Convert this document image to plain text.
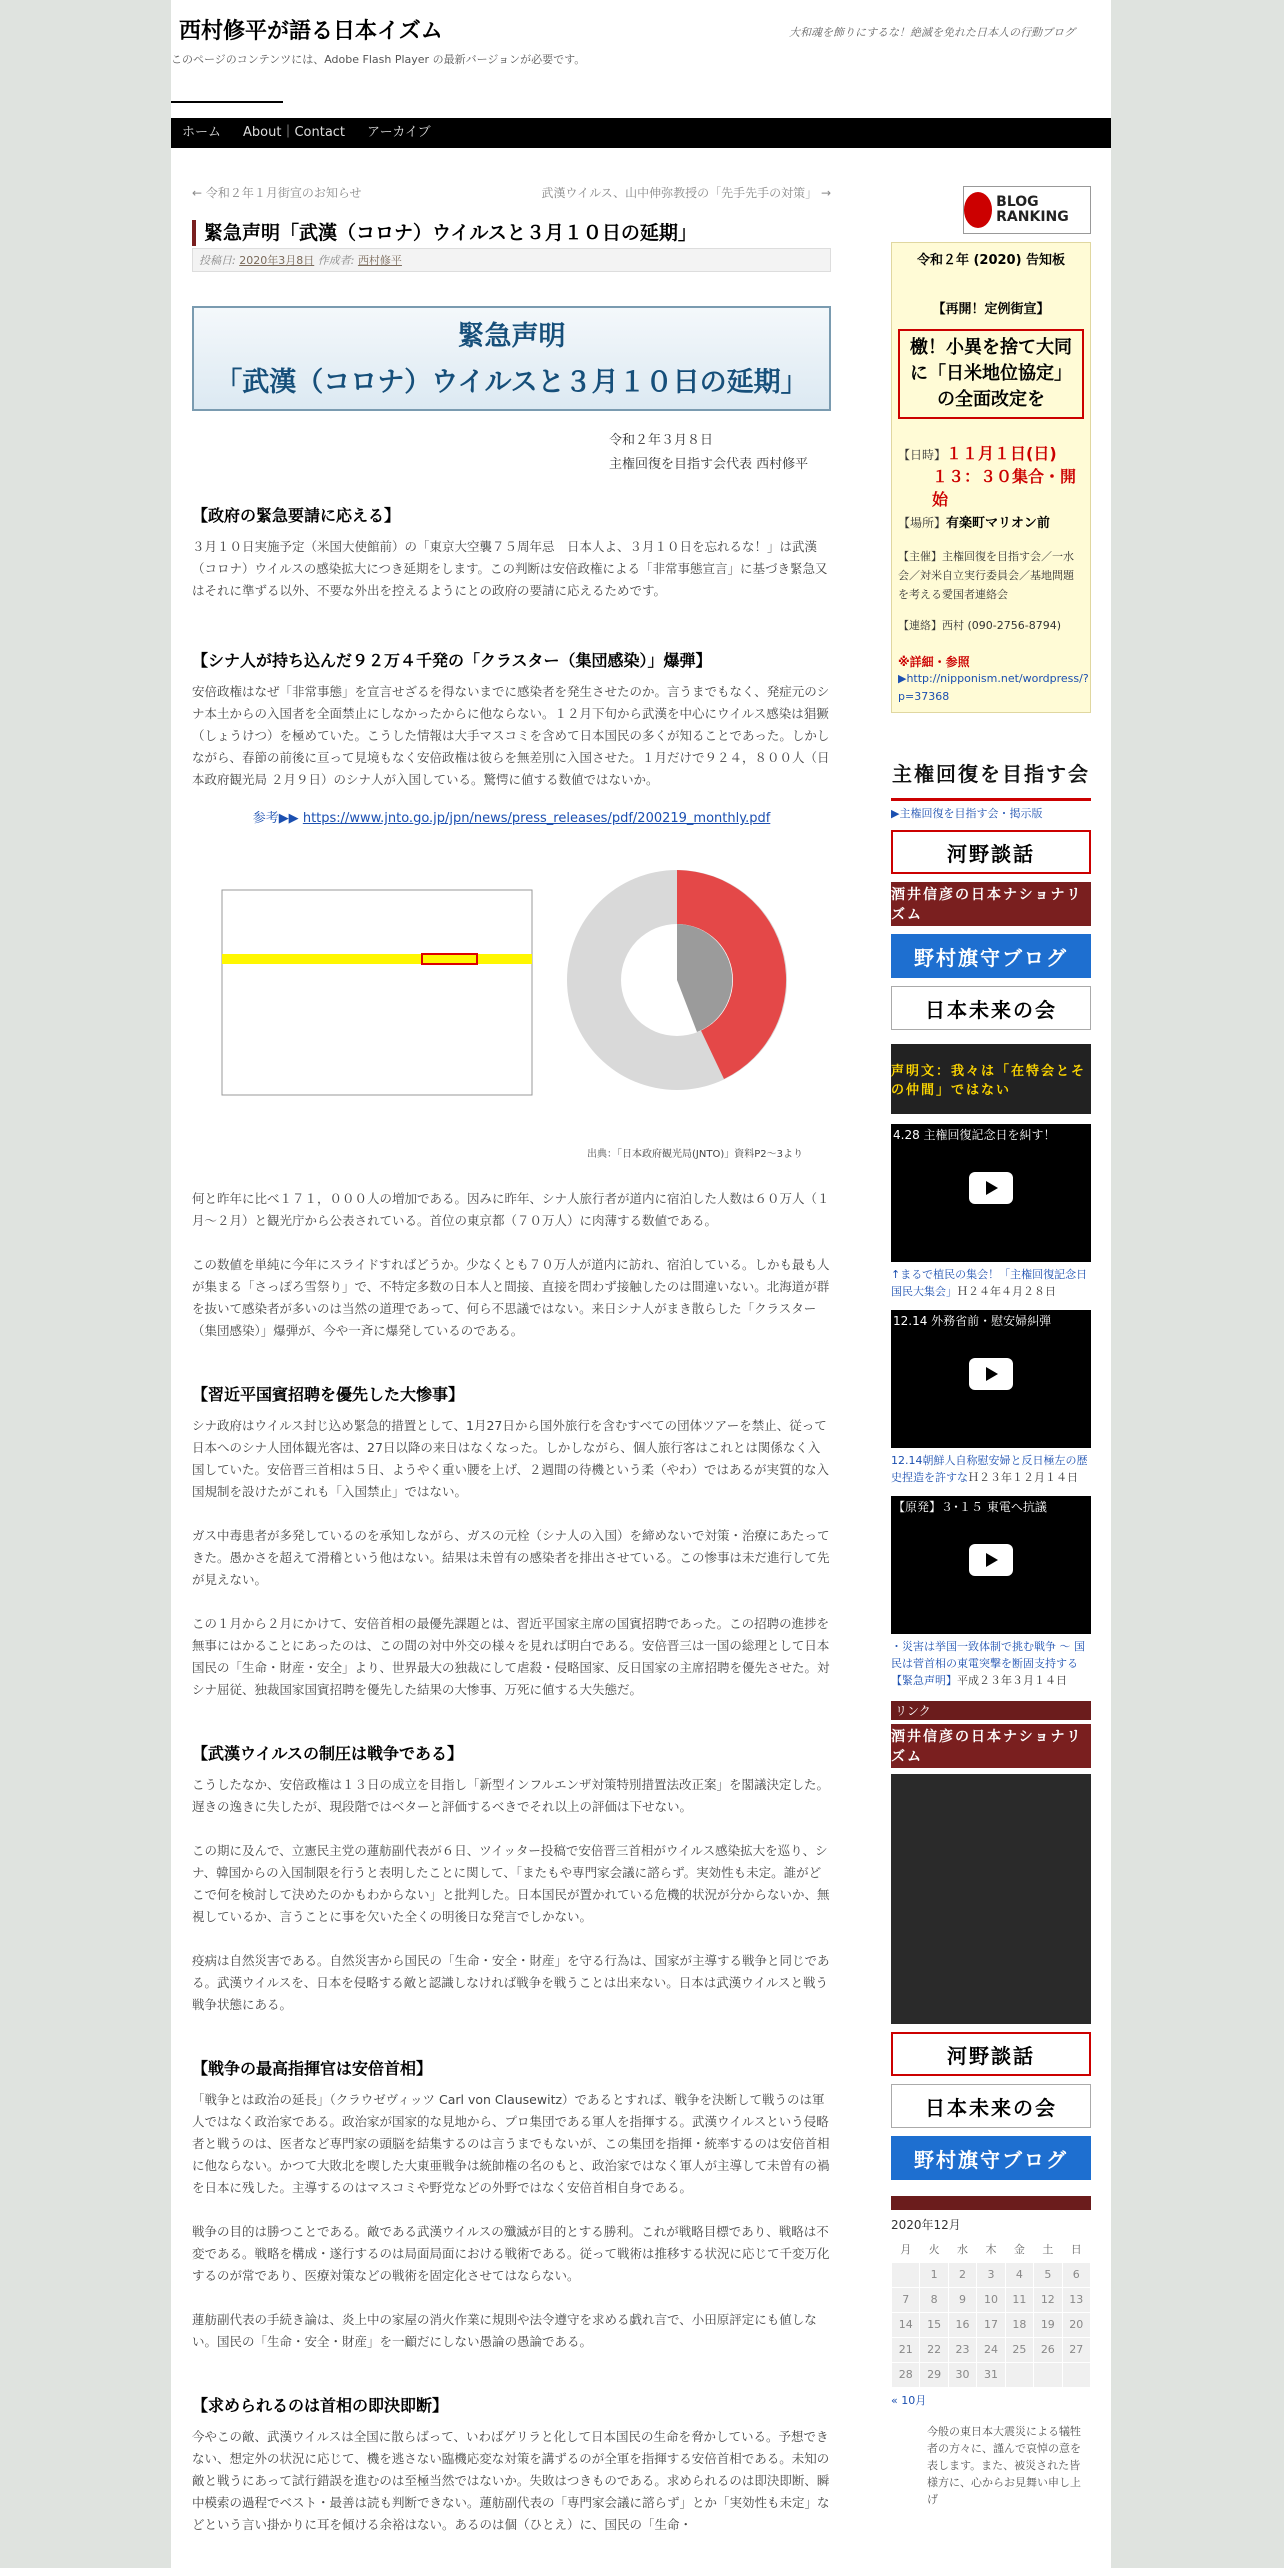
西村修平が語る日本イズム	大和魂を飾りにするな！絶滅を免れた日本人の行動ブログ
このページのコンテンツには、Adobe Flash Player の最新バージョンが必要です。
ホーム	About｜Contact	アーカイブ
← 令和２年１月街宣のお知らせ	武漢ウイルス、山中伸弥教授の「先手先手の対策」 →
緊急声明「武漢（コロナ）ウイルスと３月１０日の延期」
投稿日: 2020年3月8日 作成者: 西村修平

緊急声明

「武漢（コロナ）ウイルスと３月１０日の延期」

令和２年３月８日
主権回復を目指す会代表 西村修平
【政府の緊急要請に応える】

３月１０日実施予定（米国大使館前）の「東京大空襲７５周年忌　日本人よ、３月１０日を忘れるな！」は武漢（コロナ）ウイルスの感染拡大につき延期をします。この判断は安倍政権による「非常事態宣言」に基づき緊急又はそれに準ずる以外、不要な外出を控えるようにとの政府の要請に応えるためです。

【シナ人が持ち込んだ９２万４千発の「クラスター（集団感染）」爆弾】

安倍政権はなぜ「非常事態」を宣言せざるを得ないまでに感染者を発生させたのか。言うまでもなく、発症元のシナ本土からの入国者を全面禁止にしなかったからに他ならない。１２月下旬から武漢を中心にウイルス感染は猖獗（しょうけつ）を極めていた。こうした情報は大手マスコミを含めて日本国民の多くが知ることであった。しかしながら、春節の前後に亘って見境もなく安倍政権は彼らを無差別に入国させた。１月だけで９２４，８００人（日本政府観光局 ２月９日）のシナ人が入国している。驚愕に値する数値ではないか。

参考▶▶ https://www.jnto.go.jp/jpn/news/press_releases/pdf/200219_monthly.pdf
出典：「日本政府観光局(JNTO)」資料P2～3より

何と昨年に比べ１７１，０００人の増加である。因みに昨年、シナ人旅行者が道内に宿泊した人数は６０万人（１月～２月）と観光庁から公表されている。首位の東京都（７０万人）に肉薄する数値である。

この数値を単純に今年にスライドすればどうか。少なくとも７０万人が道内に訪れ、宿泊している。しかも最も人が集まる「さっぽろ雪祭り」で、不特定多数の日本人と間接、直接を問わず接触したのは間違いない。北海道が群を抜いて感染者が多いのは当然の道理であって、何ら不思議ではない。来日シナ人がまき散らした「クラスター（集団感染）」爆弾が、今や一斉に爆発しているのである。

【習近平国賓招聘を優先した大惨事】

シナ政府はウイルス封じ込め緊急的措置として、1月27日から国外旅行を含むすべての団体ツアーを禁止、従って日本へのシナ人団体観光客は、27日以降の来日はなくなった。しかしながら、個人旅行客はこれとは関係なく入国していた。安倍晋三首相は５日、ようやく重い腰を上げ、２週間の待機という柔（やわ）ではあるが実質的な入国規制を設けたがこれも「入国禁止」ではない。

ガス中毒患者が多発しているのを承知しながら、ガスの元栓（シナ人の入国）を締めないで対策・治療にあたってきた。愚かさを超えて滑稽という他はない。結果は未曽有の感染者を排出させている。この惨事は未だ進行して先が見えない。

この１月から２月にかけて、安倍首相の最優先課題とは、習近平国家主席の国賓招聘であった。この招聘の進捗を無事にはかることにあったのは、この間の対中外交の様々を見れば明白である。安倍晋三は一国の総理として日本国民の「生命・財産・安全」より、世界最大の独裁にして虐殺・侵略国家、反日国家の主席招聘を優先させた。対シナ屈従、独裁国家国賓招聘を優先した結果の大惨事、万死に値する大失態だ。

【武漢ウイルスの制圧は戦争である】

こうしたなか、安倍政権は１３日の成立を目指し「新型インフルエンザ対策特別措置法改正案」を閣議決定した。遅きの逸きに失したが、現段階ではベターと評価するべきでそれ以上の評価は下せない。

この期に及んで、立憲民主党の蓮舫副代表が６日、ツイッター投稿で安倍晋三首相がウイルス感染拡大を巡り、シナ、韓国からの入国制限を行うと表明したことに関して、「またもや専門家会議に諮らず。実効性も未定。誰がどこで何を検討して決めたのかもわからない」と批判した。日本国民が置かれている危機的状況が分からないか、無視しているか、言うことに事を欠いた全くの明後日な発言でしかない。

疫病は自然災害である。自然災害から国民の「生命・安全・財産」を守る行為は、国家が主導する戦争と同じである。武漢ウイルスを、日本を侵略する敵と認識しなければ戦争を戦うことは出来ない。日本は武漢ウイルスと戦う戦争状態にある。

【戦争の最高指揮官は安倍首相】

「戦争とは政治の延長」（クラウゼヴィッツ Carl von Clausewitz）であるとすれば、戦争を決断して戦うのは軍人ではなく政治家である。政治家が国家的な見地から、プロ集団である軍人を指揮する。武漢ウイルスという侵略者と戦うのは、医者など専門家の頭脳を結集するのは言うまでもないが、この集団を指揮・統率するのは安倍首相に他ならない。かつて大敗北を喫した大東亜戦争は統帥権の名のもと、政治家ではなく軍人が主導して未曽有の禍を日本に残した。主導するのはマスコミや野党などの外野ではなく安倍首相自身である。

戦争の目的は勝つことである。敵である武漢ウイルスの殲滅が目的とする勝利。これが戦略目標であり、戦略は不変である。戦略を構成・遂行するのは局面局面における戦術である。従って戦術は推移する状況に応じて千変万化するのが常であり、医療対策などの戦術を固定化させてはならない。

蓮舫副代表の手続き論は、炎上中の家屋の消火作業に規則や法令遵守を求める戯れ言で、小田原評定にも値しない。国民の「生命・安全・財産」を一顧だにしない愚論の愚論である。

【求められるのは首相の即決即断】

今やこの敵、武漢ウイルスは全国に散らばって、いわばゲリラと化して日本国民の生命を脅かしている。予想できない、想定外の状況に応じて、機を逃さない臨機応変な対策を講ずるのが全軍を指揮する安倍首相である。未知の敵と戦うにあって試行錯誤を進むのは至極当然ではないか。失敗はつきものである。求められるのは即決即断、瞬中模索の過程でベスト・最善は読も判断できない。蓮舫副代表の「専門家会議に諮らず」とか「実効性も未定」などという言い掛かりに耳を傾ける余裕はない。あるのは個（ひとえ）に、国民の「生命・

BLOG RANKING
令和２年 (2020) 告知板
【再開！定例街宣】
檄！小異を捨て大同に「日米地位協定」の全面改定を
【日時】１１月１日(日)
１３：３０集合・開始
【場所】有楽町マリオン前
【主催】主権回復を目指す会／一水会／対米自立実行委員会／基地問題を考える愛国者連絡会
【連絡】西村 (090-2756-8794)
※詳細・参照
▶http://nipponism.net/wordpress/?p=37368
主権回復を目指す会
▶主権回復を目指す会・掲示版
河野談話
酒井信彦の日本ナショナリズム
野村旗守ブログ
日本未来の会
声明文：我々は「在特会とその仲間」ではない
4.28 主権回復記念日を糾す！
↑まるで植民の集会！「主権回復記念日国民大集会」Ｈ２４年４月２８日
12.14 外務省前・慰安婦糾弾
12.14朝鮮人自称慰安婦と反日極左の歴史捏造を許すなＨ２３年１２月１４日
【原発】３･１５ 東電へ抗議
・災害は挙国一致体制で挑む戦争 〜 国民は菅首相の東電突撃を断固支持する【緊急声明】平成２３年３月１４日
リンク
酒井信彦の日本ナショナリズム
河野談話
日本未来の会
野村旗守ブログ
2020年12月
月	火	水	木	金	土	日
	1	2	3	4	5	6
7	8	9	10	11	12	13
14	15	16	17	18	19	20
21	22	23	24	25	26	27
28	29	30	31			
« 10月
今般の東日本大震災による犠牲者の方々に、謹んで哀悼の意を表します。また、被災された皆様方に、心からお見舞い申し上げ
